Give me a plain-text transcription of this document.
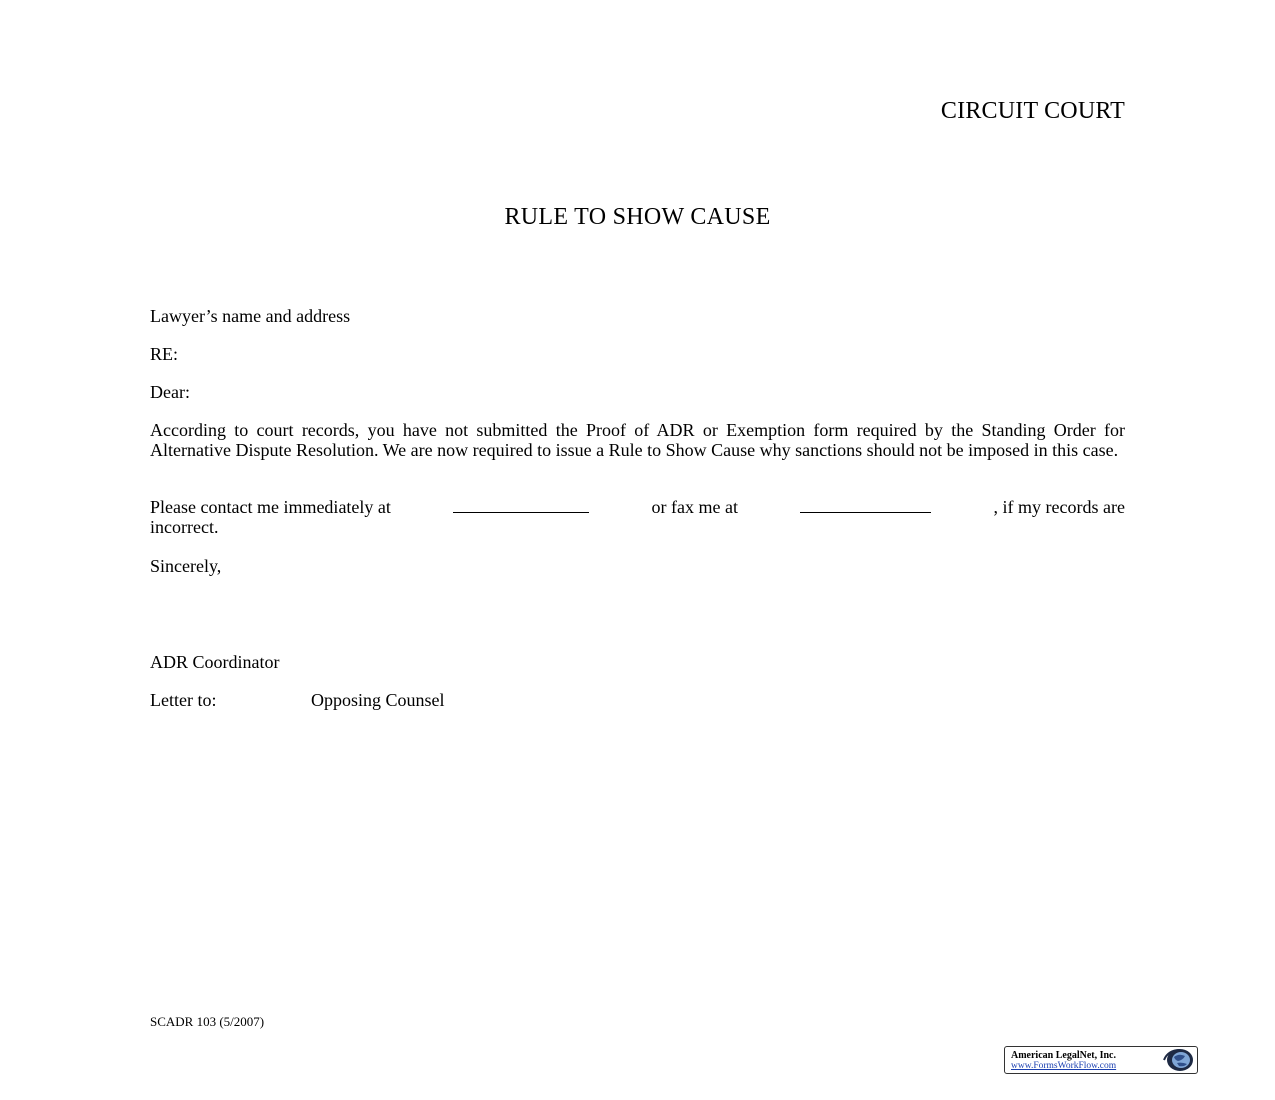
CIRCUIT COURT
RULE TO SHOW CAUSE
Lawyer’s name and address
RE:
Dear:
According to court records, you have not submitted the Proof of ADR or Exemption form required by the Standing Order for Alternative Dispute Resolution. We are now required to issue a Rule to Show Cause why sanctions should not be imposed in this case.
Please contact me immediately at	or fax me at	, if my records are
incorrect.
Sincerely,
ADR Coordinator
Letter to:	Opposing Counsel
SCADR 103 (5/2007)
American LegalNet, Inc.
www.FormsWorkFlow.com
